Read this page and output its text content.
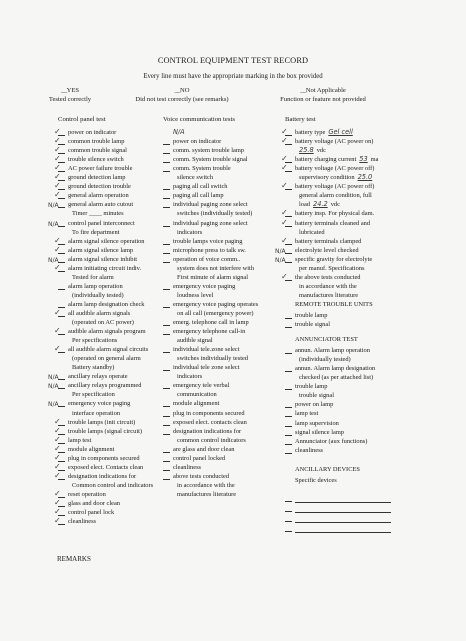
CONTROL EQUIPMENT TEST RECORD
Every line must have the appropriate marking in the box provided
__ YES
Tested correctly
__ NO
Did not test correctly (see remarks)
__ Not Applicable
Function or feature not provided
Control panel test
✓ power on indicator
✓ common trouble lamp
✓ common trouble signal
✓ trouble silence switch
✓ AC power failure trouble
✓ ground detection lamp
✓ ground detection trouble
✓ general alarm operation
N/A general alarm auto cutout
Timer ____ minutes
N/A control panel interconnect
To fire department
✓ alarm signal silence operation
✓ alarm signal silence lamp
N/A alarm signal silence inhibit
✓ alarm initiating circuit indiv.
Tested for alarm
alarm lamp operation
(individually tested)
alarm lamp designation check
✓ all audible alarm signals
(operated on AC power)
✓ audible alarm signals program
Per specifications
✓ all audible alarm signal circuits
(operated on general alarm
Battery standby)
N/A ancillary relays operate
N/A ancillary relays programmed
Per specification
N/A emergency voice paging
interface operation
✓ trouble lamps (init circuit)
✓ trouble lamps (signal circuit)
✓ lamp test
✓ module alignment
✓ plug in components secured
✓ exposed elect. Contacts clean
✓ designation indications for
Common control and indicators
✓ reset operation
✓ glass and door clean
✓ control panel lock
✓ cleanliness
Voice communication tests
N/A
power on indicator
comm. system trouble lamp
comm. System trouble signal
comm. System trouble
silence switch
paging all call switch
paging all call lamp
individual paging zone select
switches (individually tested)
individual paging zone select
indicators
trouble lamps voice paging
microphone press to talk sw.
operation of voice comm..
system does not interfere with
First minute of alarm signal
emergency voice paging
loudness level
emergency voice paging operates
on all call (emergency power)
emerg. telephone call in lamp
emergency telephone call-in
audible signal
individual tele.zone select
switches individually tested
individual tele zone select
indicators
emergency tele verbal
communication
module alignment
plug in components secured
exposed elect. contacts clean
designation indications for
common control indicators
are glass and door clean
control panel locked
cleanliness
above tests conducted
in accordance with the
manufactures literature
Battery test
✓ battery type Gel cell
✓ battery voltage (AC power on)
25.8 vdc
✓ battery charging current 53 ma
✓ battery voltage (AC power off)
supervisory condition 25.0
✓ battery voltage (AC power off)
general alarm condition, full
load 24.2 vdc
✓ battery insp. For physical dam.
✓ battery terminals cleaned and
lubricated
✓ battery terminals clamped
N/A electrolyte level checked
N/A specific gravity for electrolyte
per manuf. Specifications
✓ the above tests conducted
in accordance with the
manufactures literature
REMOTE TROUBLE UNITS
trouble lamp
trouble signal
ANNUNCIATOR TEST
annun. Alarm lamp operation
(individually tested)
annun. Alarm lamp designation
checked (as per attached list)
trouble lamp
trouble signal
power on lamp
lamp test
lamp supervision
signal silence lamp
Annunciator (aux functions)
cleanliness
ANCILLARY DEVICES
Specific devices
REMARKS
